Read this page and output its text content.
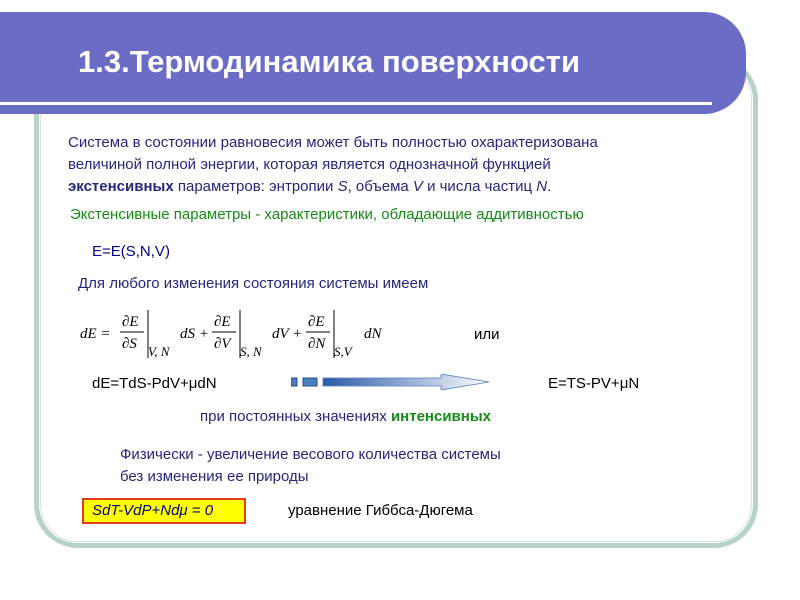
1.3.Термодинамика поверхности
Система в состоянии равновесия может быть полностью охарактеризована
величиной полной энергии, которая является однозначной функцией
экстенсивных параметров: энтропии S, объема V и числа частиц N.
Экстенсивные параметры - характеристики, обладающие аддитивностью
E=E(S,N,V)
Для любого изменения состояния системы имеем
dE =
∂E
∂S V, N
dS +
∂E
∂V S, N
dV +
∂E
∂N S,V
dN	или
dE=TdS-PdV+μdN	E=TS-PV+μN
при постоянных значениях интенсивных
Физически - увеличение весового количества системы
без изменения ее природы
SdT-VdP+Ndμ = 0	уравнение Гиббса-Дюгема
